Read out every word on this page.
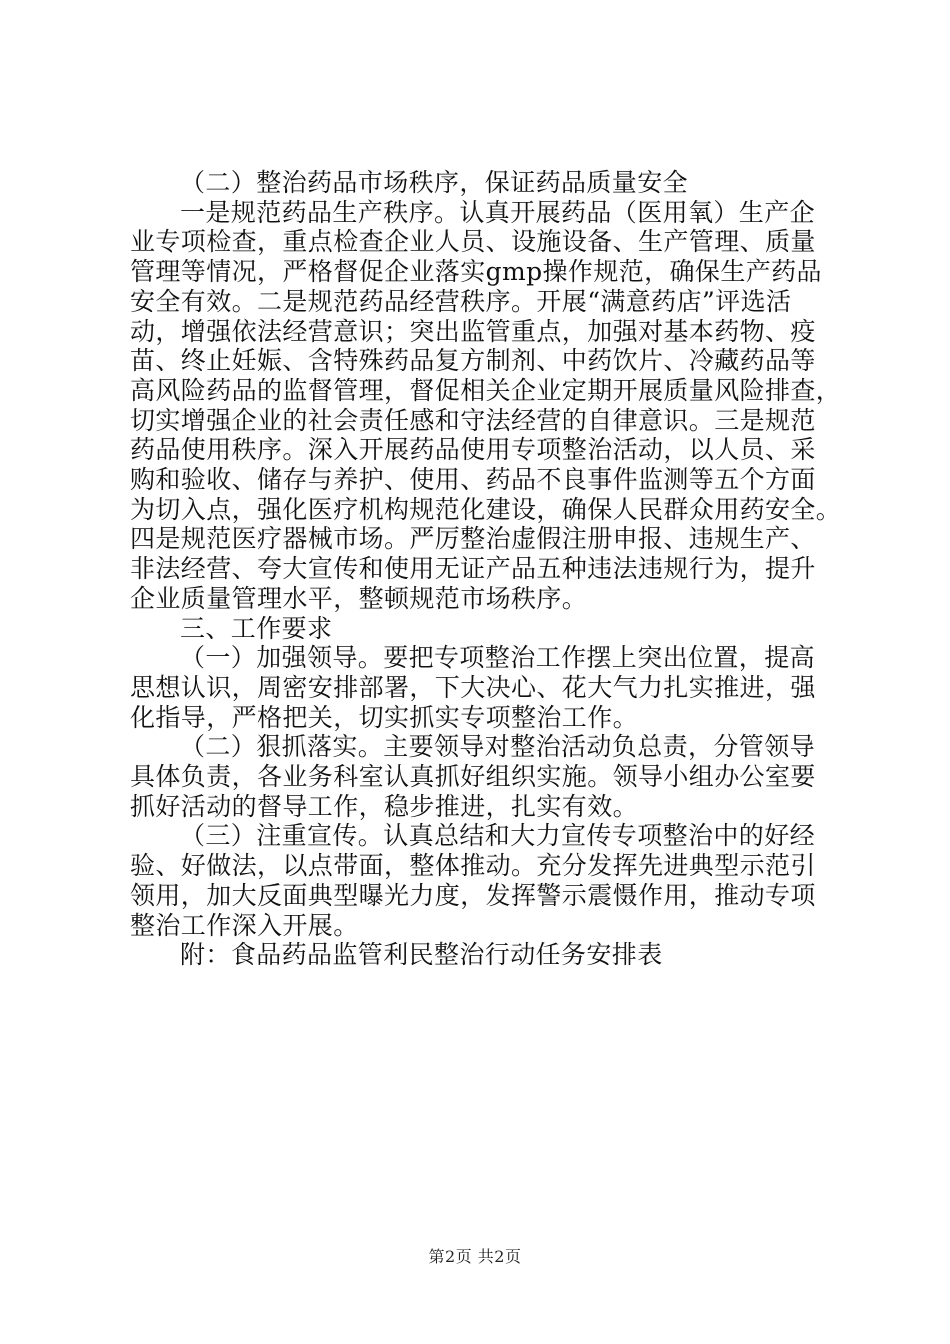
（二）整治药品市场秩序，保证药品质量安全
一是规范药品生产秩序。认真开展药品（医用氧）生产企
业专项检查，重点检查企业人员、设施设备、生产管理、质量
管理等情况，严格督促企业落实gmp操作规范，确保生产药品
安全有效。二是规范药品经营秩序。开展“满意药店”评选活
动，增强依法经营意识；突出监管重点，加强对基本药物、疫
苗、终止妊娠、含特殊药品复方制剂、中药饮片、冷藏药品等
高风险药品的监督管理，督促相关企业定期开展质量风险排查，
切实增强企业的社会责任感和守法经营的自律意识。三是规范
药品使用秩序。深入开展药品使用专项整治活动，以人员、采
购和验收、储存与养护、使用、药品不良事件监测等五个方面
为切入点，强化医疗机构规范化建设，确保人民群众用药安全。
四是规范医疗器械市场。严厉整治虚假注册申报、违规生产、
非法经营、夸大宣传和使用无证产品五种违法违规行为，提升
企业质量管理水平，整顿规范市场秩序。
三、工作要求
（一）加强领导。要把专项整治工作摆上突出位置，提高
思想认识，周密安排部署，下大决心、花大气力扎实推进，强
化指导，严格把关，切实抓实专项整治工作。
（二）狠抓落实。主要领导对整治活动负总责，分管领导
具体负责，各业务科室认真抓好组织实施。领导小组办公室要
抓好活动的督导工作，稳步推进，扎实有效。
（三）注重宣传。认真总结和大力宣传专项整治中的好经
验、好做法，以点带面，整体推动。充分发挥先进典型示范引
领用，加大反面典型曝光力度，发挥警示震慑作用，推动专项
整治工作深入开展。
附：食品药品监管利民整治行动任务安排表
第2页 共2页
